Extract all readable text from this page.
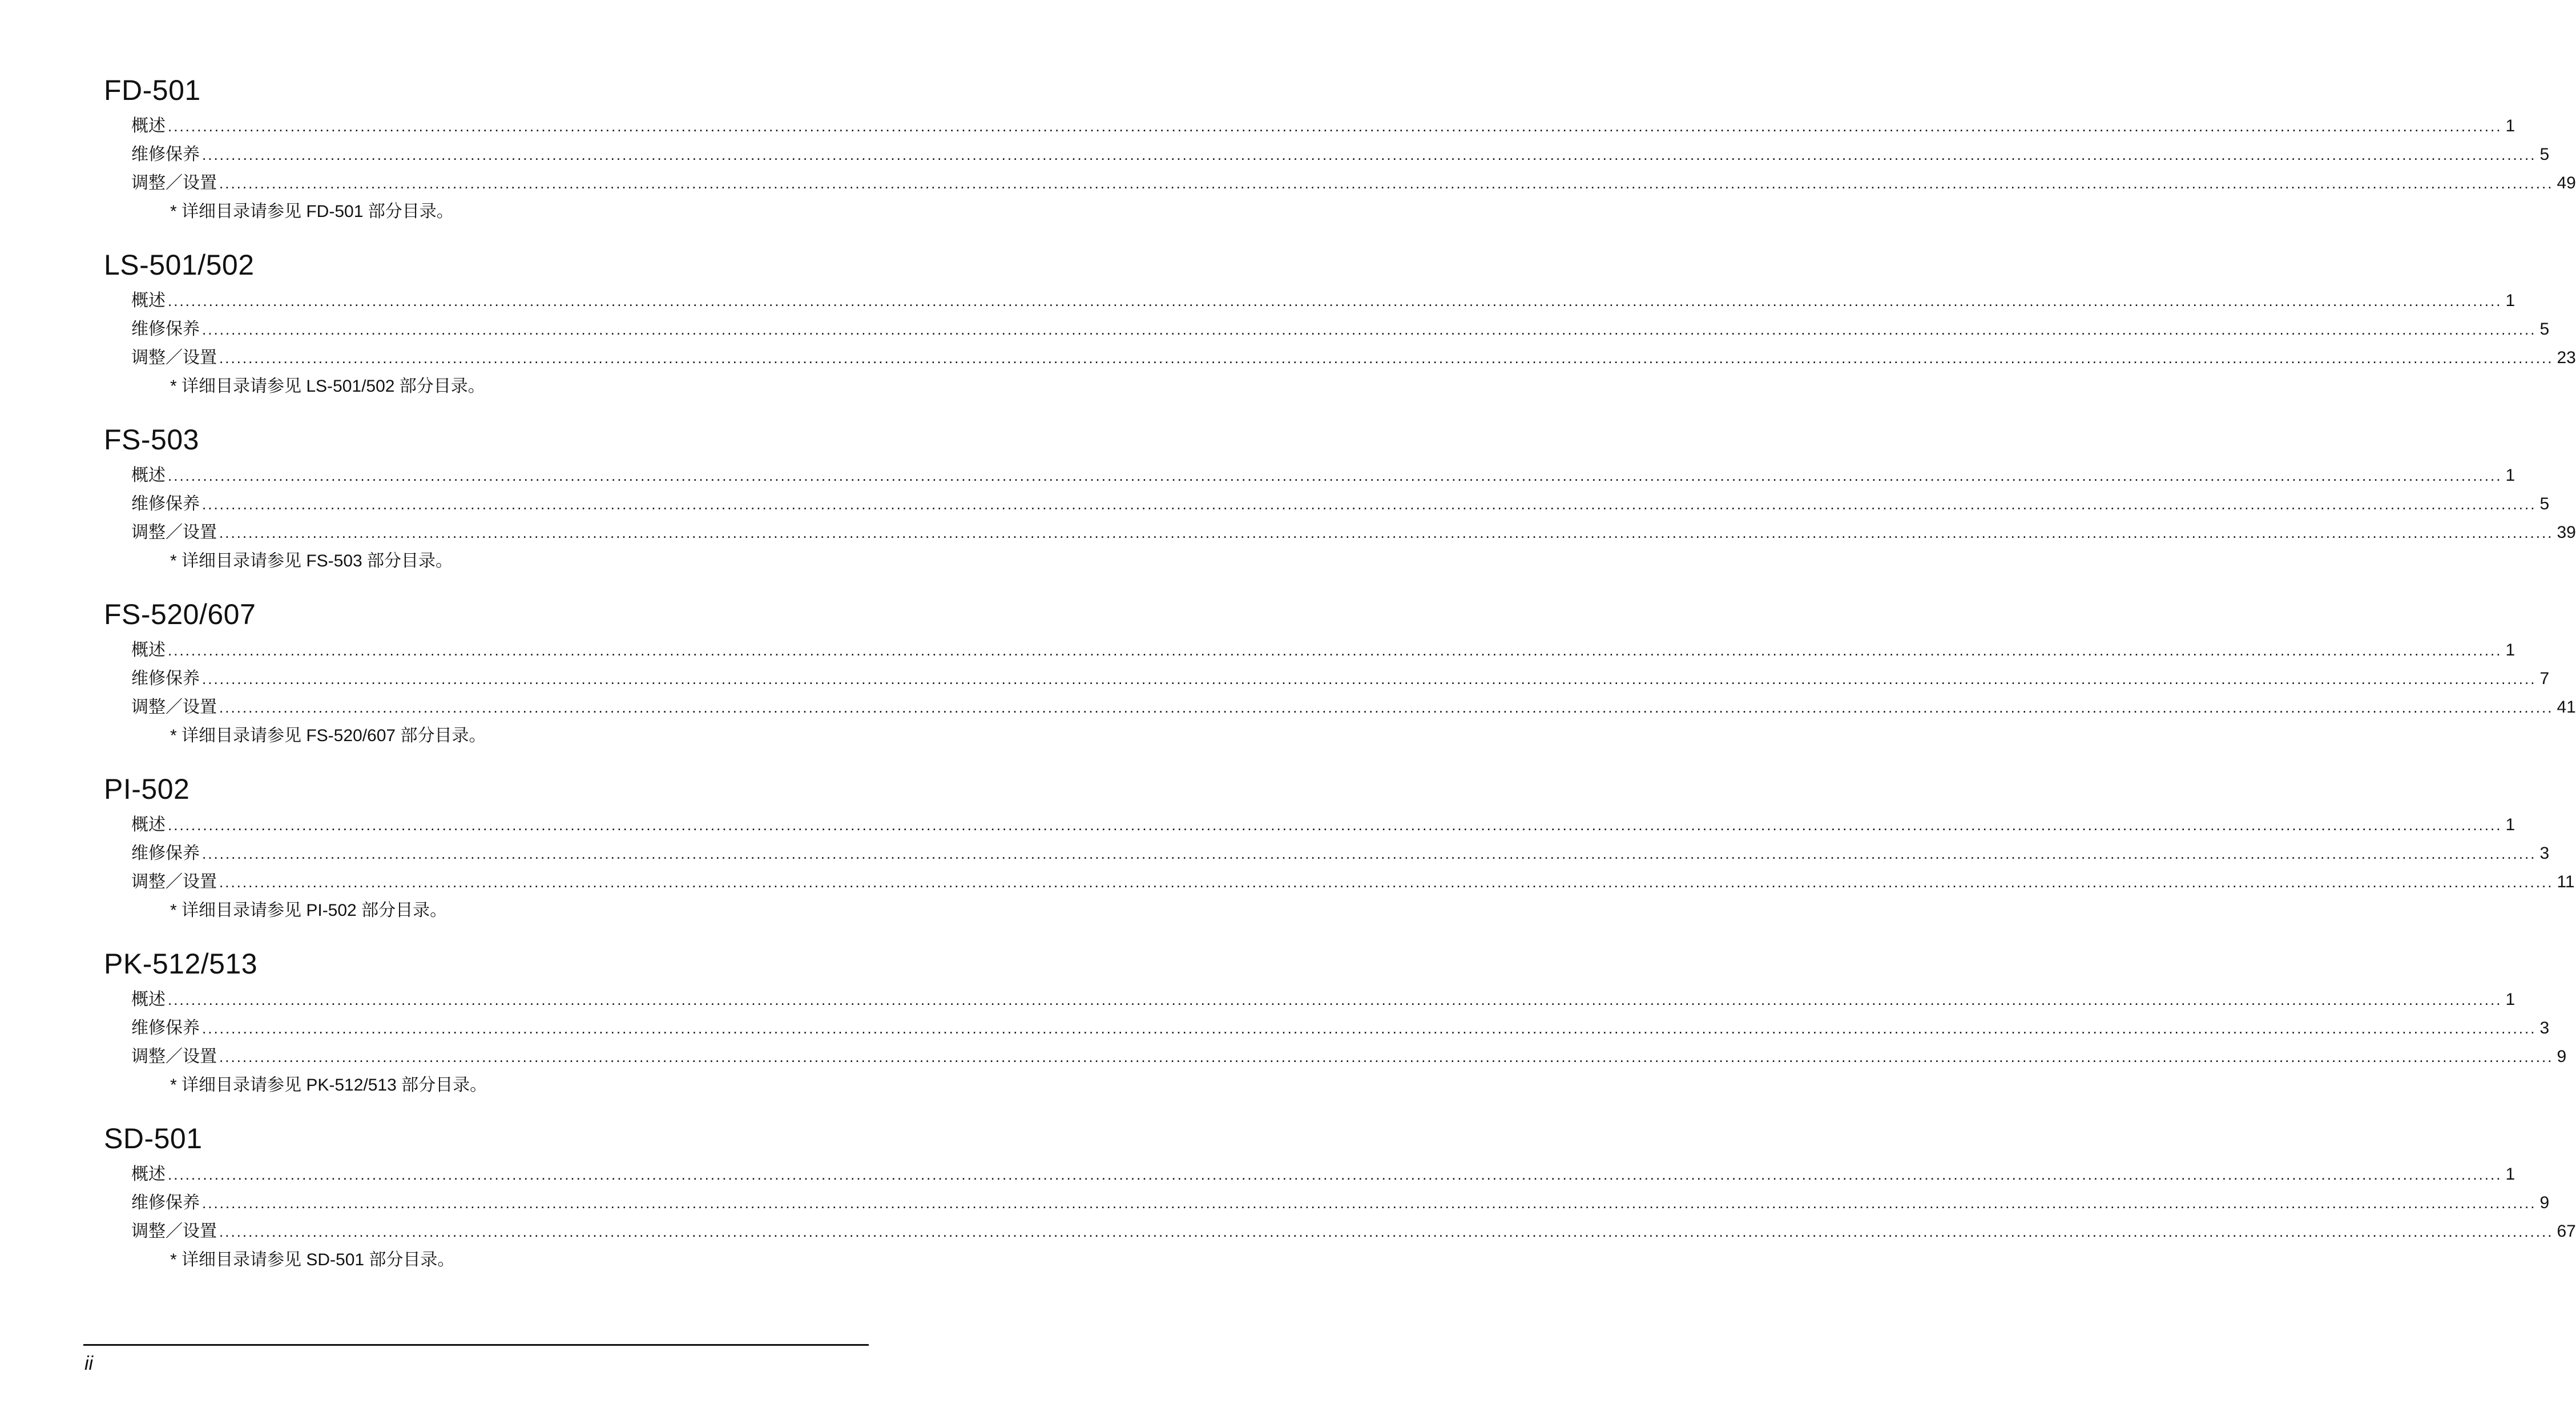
FD-501
概述 ................................................................................................................................................................................................................................................................................................................................................................................................................ 1
维修保养 ................................................................................................................................................................................................................................................................................................................................................................................................................ 5
调整／设置 ................................................................................................................................................................................................................................................................................................................................................................................................................ 49
* 详细目录请参见 FD-501 部分目录。
LS-501/502
概述 ................................................................................................................................................................................................................................................................................................................................................................................................................ 1
维修保养 ................................................................................................................................................................................................................................................................................................................................................................................................................ 5
调整／设置 ................................................................................................................................................................................................................................................................................................................................................................................................................ 23
* 详细目录请参见 LS-501/502 部分目录。
FS-503
概述 ................................................................................................................................................................................................................................................................................................................................................................................................................ 1
维修保养 ................................................................................................................................................................................................................................................................................................................................................................................................................ 5
调整／设置 ................................................................................................................................................................................................................................................................................................................................................................................................................ 39
* 详细目录请参见 FS-503 部分目录。
FS-520/607
概述 ................................................................................................................................................................................................................................................................................................................................................................................................................ 1
维修保养 ................................................................................................................................................................................................................................................................................................................................................................................................................ 7
调整／设置 ................................................................................................................................................................................................................................................................................................................................................................................................................ 41
* 详细目录请参见 FS-520/607 部分目录。
PI-502
概述 ................................................................................................................................................................................................................................................................................................................................................................................................................ 1
维修保养 ................................................................................................................................................................................................................................................................................................................................................................................................................ 3
调整／设置 ................................................................................................................................................................................................................................................................................................................................................................................................................ 11
* 详细目录请参见 PI-502 部分目录。
PK-512/513
概述 ................................................................................................................................................................................................................................................................................................................................................................................................................ 1
维修保养 ................................................................................................................................................................................................................................................................................................................................................................................................................ 3
调整／设置 ................................................................................................................................................................................................................................................................................................................................................................................................................ 9
* 详细目录请参见 PK-512/513 部分目录。
SD-501
概述 ................................................................................................................................................................................................................................................................................................................................................................................................................ 1
维修保养 ................................................................................................................................................................................................................................................................................................................................................................................................................ 9
调整／设置 ................................................................................................................................................................................................................................................................................................................................................................................................................ 67
* 详细目录请参见 SD-501 部分目录。
ii
